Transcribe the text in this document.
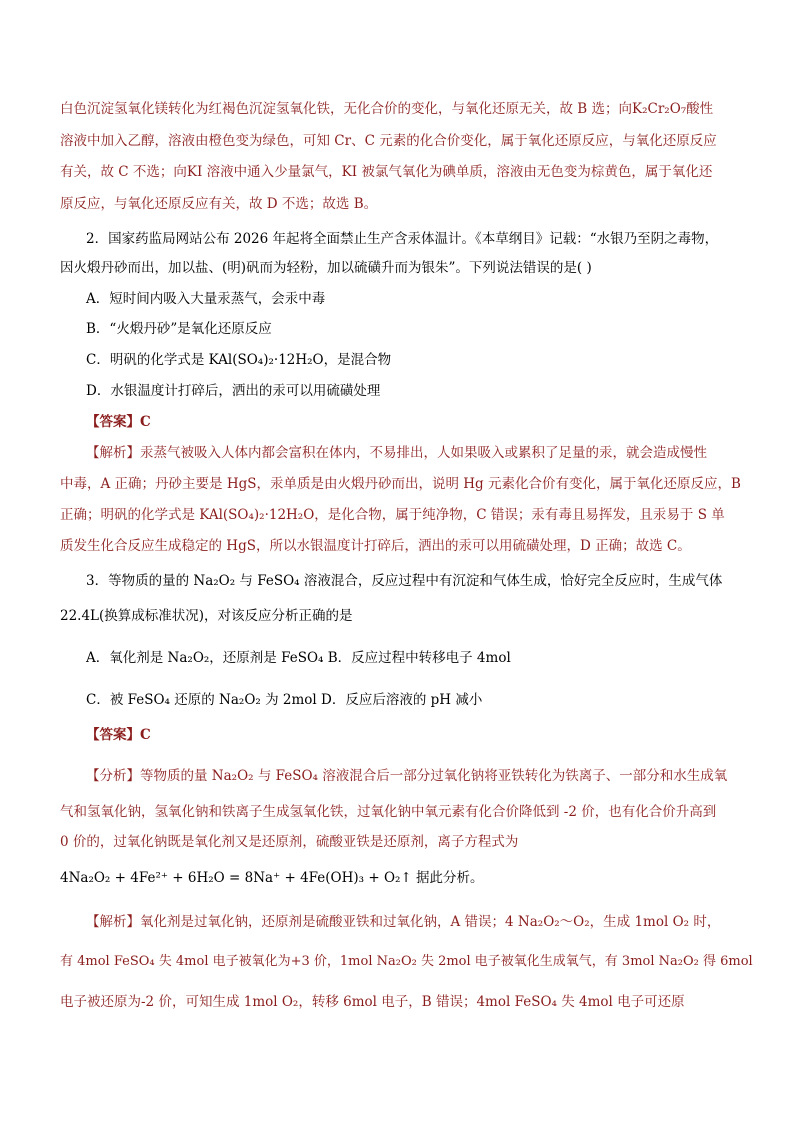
白色沉淀氢氧化镁转化为红褐色沉淀氢氧化铁，无化合价的变化，与氧化还原无关，故 B 选；向K₂Cr₂O₇酸性
溶液中加入乙醇，溶液由橙色变为绿色，可知 Cr、C 元素的化合价变化，属于氧化还原反应，与氧化还原反应
有关，故 C 不选；向KI 溶液中通入少量氯气，KI 被氯气氧化为碘单质，溶液由无色变为棕黄色，属于氧化还
原反应，与氧化还原反应有关，故 D 不选；故选 B。
2．国家药监局网站公布 2026 年起将全面禁止生产含汞体温计。《本草纲目》记载：“水银乃至阴之毒物，
因火煅丹砂而出，加以盐、(明)矾而为轻粉，加以硫磺升而为银朱”。下列说法错误的是( )
A．短时间内吸入大量汞蒸气，会汞中毒
B．“火煅丹砂”是氧化还原反应
C．明矾的化学式是 KAl(SO₄)₂·12H₂O，是混合物
D．水银温度计打碎后，洒出的汞可以用硫磺处理
【答案】C
【解析】汞蒸气被吸入人体内都会富积在体内，不易排出，人如果吸入或累积了足量的汞，就会造成慢性
中毒，A 正确；丹砂主要是 HgS，汞单质是由火煅丹砂而出，说明 Hg 元素化合价有变化，属于氧化还原反应，B
正确；明矾的化学式是 KAl(SO₄)₂·12H₂O，是化合物，属于纯净物，C 错误；汞有毒且易挥发，且汞易于 S 单
质发生化合反应生成稳定的 HgS，所以水银温度计打碎后，洒出的汞可以用硫磺处理，D 正确；故选 C。
3．等物质的量的 Na₂O₂ 与 FeSO₄ 溶液混合，反应过程中有沉淀和气体生成，恰好完全反应时，生成气体
22.4L(换算成标准状况)，对该反应分析正确的是
A．氧化剂是 Na₂O₂，还原剂是 FeSO₄ B．反应过程中转移电子 4mol
C．被 FeSO₄ 还原的 Na₂O₂ 为 2mol D．反应后溶液的 pH 减小
【答案】C
【分析】等物质的量 Na₂O₂ 与 FeSO₄ 溶液混合后一部分过氧化钠将亚铁转化为铁离子、一部分和水生成氧
气和氢氧化钠，氢氧化钠和铁离子生成氢氧化铁，过氧化钠中氧元素有化合价降低到 -2 价，也有化合价升高到
0 价的，过氧化钠既是氧化剂又是还原剂，硫酸亚铁是还原剂，离子方程式为
4Na₂O₂ + 4Fe²⁺ + 6H₂O = 8Na⁺ + 4Fe(OH)₃ + O₂↑ 据此分析。
【解析】氧化剂是过氧化钠，还原剂是硫酸亚铁和过氧化钠，A 错误；4 Na₂O₂～O₂，生成 1mol O₂ 时，
有 4mol FeSO₄ 失 4mol 电子被氧化为+3 价，1mol Na₂O₂ 失 2mol 电子被氧化生成氧气，有 3mol Na₂O₂ 得 6mol
电子被还原为-2 价，可知生成 1mol O₂，转移 6mol 电子，B 错误；4mol FeSO₄ 失 4mol 电子可还原
